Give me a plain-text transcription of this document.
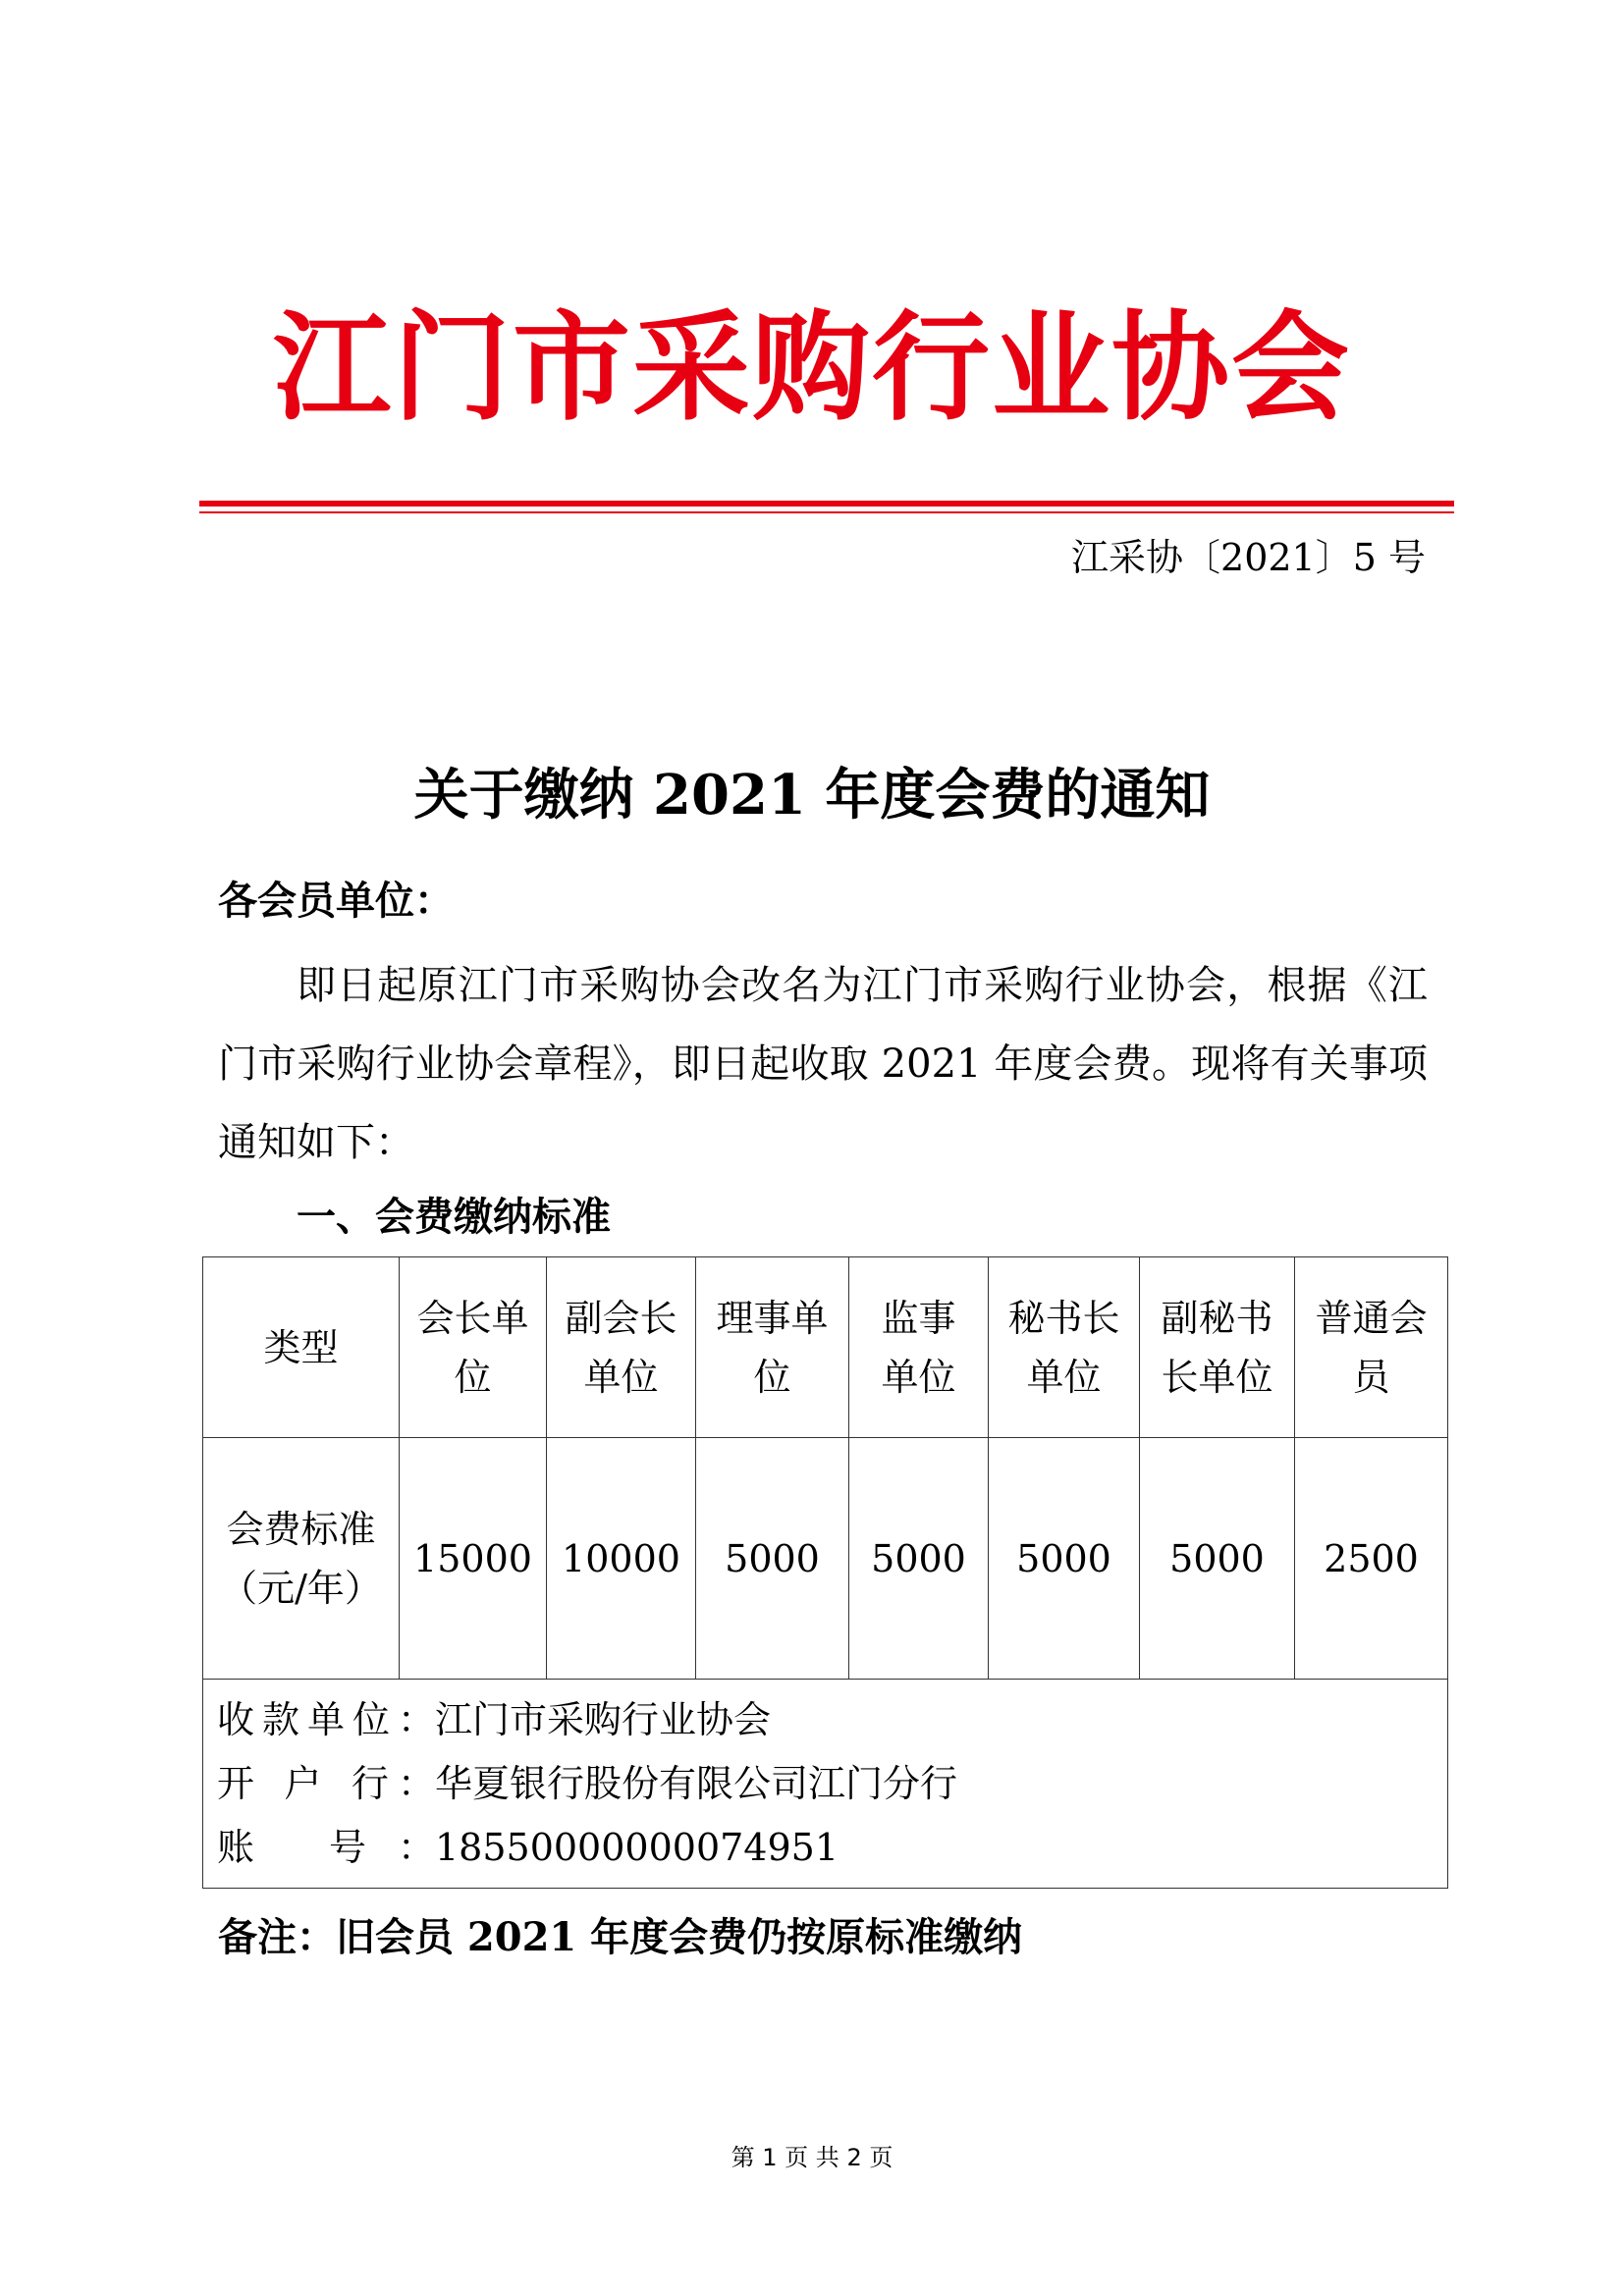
江门市采购行业协会
江采协〔2021〕5 号
关于缴纳 2021 年度会费的通知
各会员单位：
即日起原江门市采购协会改名为江门市采购行业协会，根据《江门市采购行业协会章程》，即日起收取 2021 年度会费。现将有关事项通知如下：
一、会费缴纳标准
类型	会长单位	副会长单位	理事单位	监事单位	秘书长单位	副秘书长单位	普通会员
会费标准（元/年）	15000	10000	5000	5000	5000	5000	2500

收款单位：江门市采购行业协会
开 户 行：华夏银行股份有限公司江门分行
账 号：18550000000074951							
备注：旧会员 2021 年度会费仍按原标准缴纳
第 1 页 共 2 页
